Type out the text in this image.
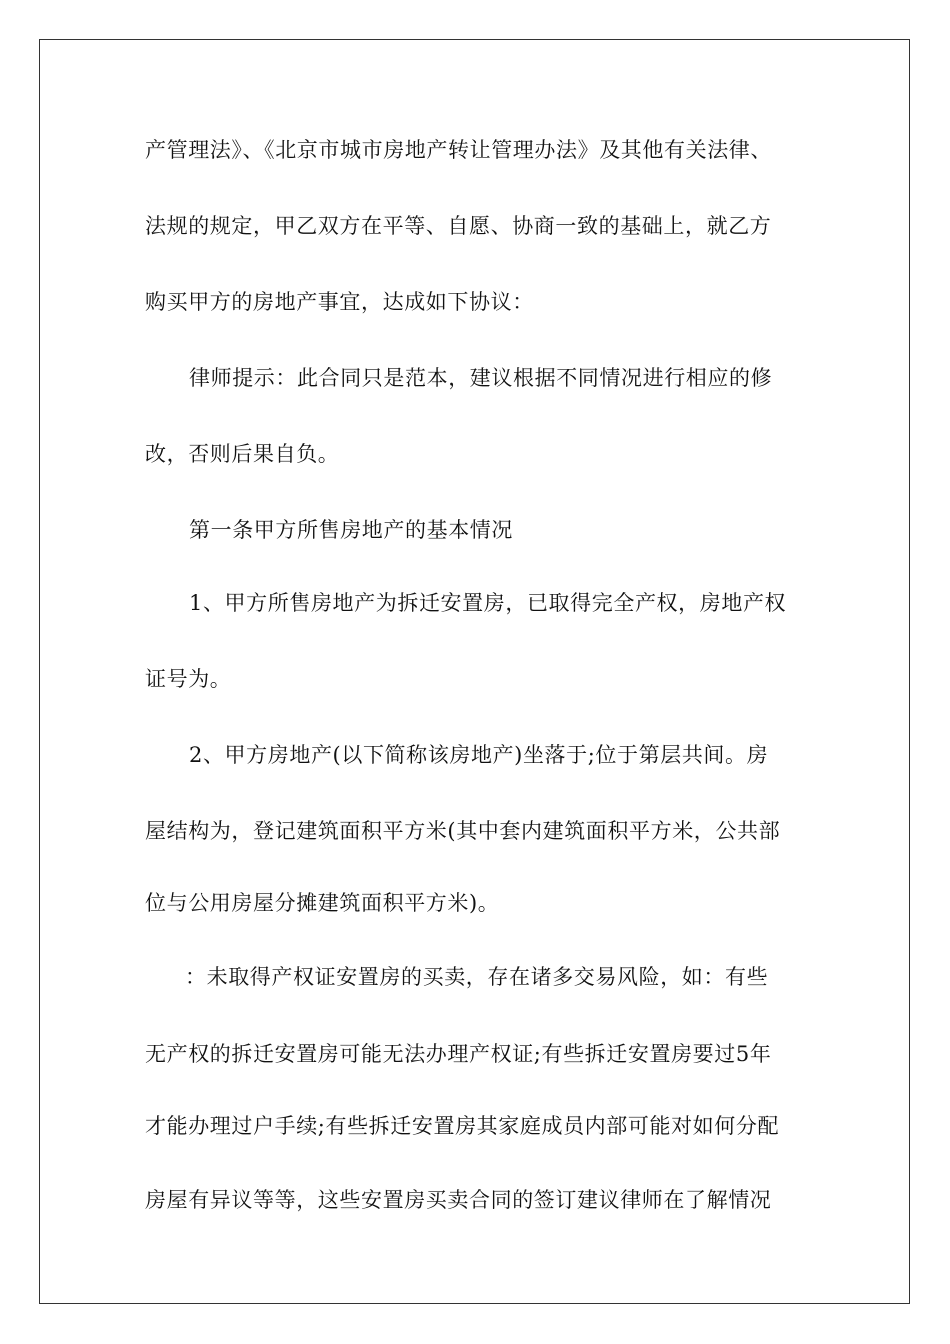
产管理法》、《北京市城市房地产转让管理办法》及其他有关法律、
法规的规定，甲乙双方在平等、自愿、协商一致的基础上，就乙方
购买甲方的房地产事宜，达成如下协议：
律师提示：此合同只是范本，建议根据不同情况进行相应的修
改，否则后果自负。
第一条甲方所售房地产的基本情况
1、甲方所售房地产为拆迁安置房，已取得完全产权，房地产权
证号为。
2、甲方房地产(以下简称该房地产)坐落于;位于第层共间。房
屋结构为，登记建筑面积平方米(其中套内建筑面积平方米，公共部
位与公用房屋分摊建筑面积平方米)。
：未取得产权证安置房的买卖，存在诸多交易风险，如：有些
无产权的拆迁安置房可能无法办理产权证;有些拆迁安置房要过5年
才能办理过户手续;有些拆迁安置房其家庭成员内部可能对如何分配
房屋有异议等等，这些安置房买卖合同的签订建议律师在了解情况
